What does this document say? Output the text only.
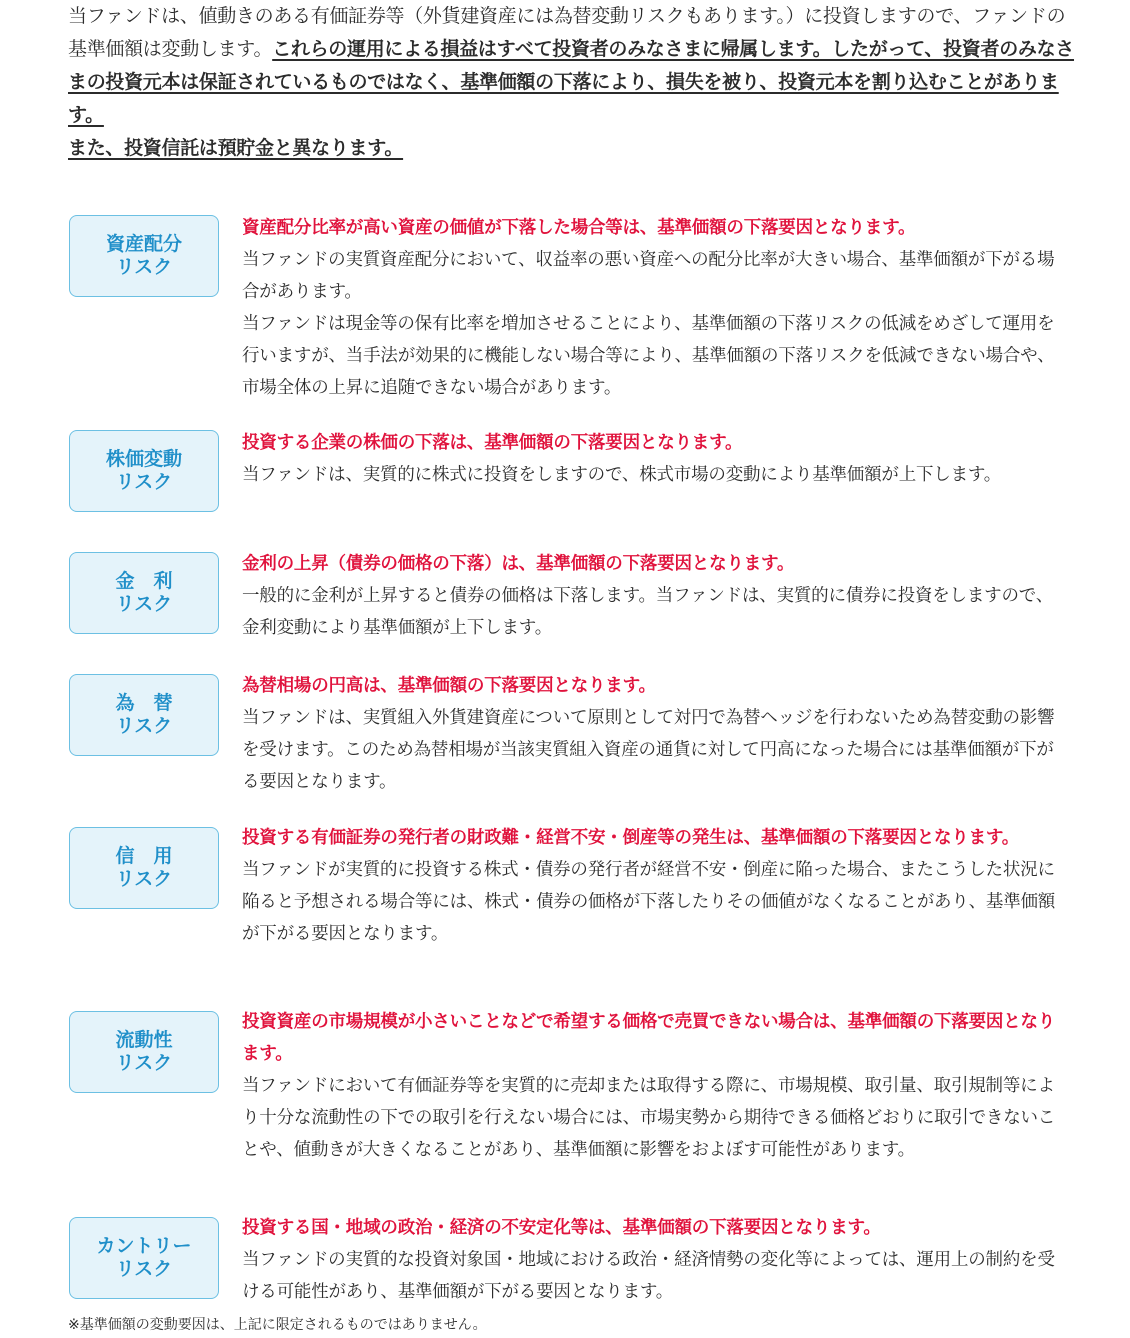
当ファンドは、値動きのある有価証券等（外貨建資産には為替変動リスクもあります。）に投資しますので、ファンドの基準価額は変動します。これらの運用による損益はすべて投資者のみなさまに帰属します。したがって、投資者のみなさまの投資元本は保証されているものではなく、基準価額の下落により、損失を被り、投資元本を割り込むことがあります。
また、投資信託は預貯金と異なります。
資産配分
リスク
資産配分比率が高い資産の価値が下落した場合等は、基準価額の下落要因となります。
当ファンドの実質資産配分において、収益率の悪い資産への配分比率が大きい場合、基準価額が下がる場合があります。
当ファンドは現金等の保有比率を増加させることにより、基準価額の下落リスクの低減をめざして運用を行いますが、当手法が効果的に機能しない場合等により、基準価額の下落リスクを低減できない場合や、市場全体の上昇に追随できない場合があります。
株価変動
リスク
投資する企業の株価の下落は、基準価額の下落要因となります。
当ファンドは、実質的に株式に投資をしますので、株式市場の変動により基準価額が上下します。
金　利
リスク
金利の上昇（債券の価格の下落）は、基準価額の下落要因となります。
一般的に金利が上昇すると債券の価格は下落します。当ファンドは、実質的に債券に投資をしますので、金利変動により基準価額が上下します。
為　替
リスク
為替相場の円高は、基準価額の下落要因となります。
当ファンドは、実質組入外貨建資産について原則として対円で為替ヘッジを行わないため為替変動の影響を受けます。このため為替相場が当該実質組入資産の通貨に対して円高になった場合には基準価額が下がる要因となります。
信　用
リスク
投資する有価証券の発行者の財政難・経営不安・倒産等の発生は、基準価額の下落要因となります。
当ファンドが実質的に投資する株式・債券の発行者が経営不安・倒産に陥った場合、またこうした状況に陥ると予想される場合等には、株式・債券の価格が下落したりその価値がなくなることがあり、基準価額が下がる要因となります。
流動性
リスク
投資資産の市場規模が小さいことなどで希望する価格で売買できない場合は、基準価額の下落要因となります。
当ファンドにおいて有価証券等を実質的に売却または取得する際に、市場規模、取引量、取引規制等により十分な流動性の下での取引を行えない場合には、市場実勢から期待できる価格どおりに取引できないことや、値動きが大きくなることがあり、基準価額に影響をおよぼす可能性があります。
カントリー
リスク
投資する国・地域の政治・経済の不安定化等は、基準価額の下落要因となります。
当ファンドの実質的な投資対象国・地域における政治・経済情勢の変化等によっては、運用上の制約を受ける可能性があり、基準価額が下がる要因となります。
※基準価額の変動要因は、上記に限定されるものではありません。
